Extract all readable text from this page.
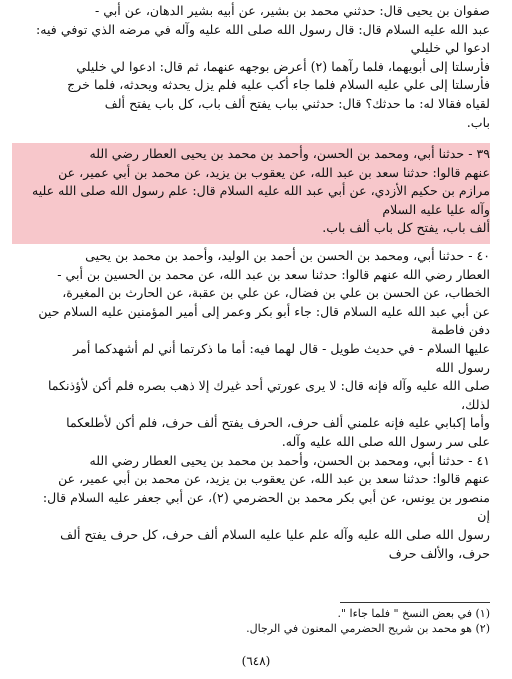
صفوان بن يحيى قال: حدثني محمد بن بشير، عن أبيه بشير الدهان، عن أبي -
عبد الله عليه السلام قال: قال رسول الله صلى الله عليه وآله في مرضه الذي توفي فيه:
ادعوا لي خليلي
فأرسلتا إلى أبويهما، فلما رآهما (٢) أعرض بوجهه عنهما، ثم قال: ادعوا لي خليلي
فأرسلتا إلى علي عليه السلام فلما جاء أكب عليه فلم يزل يحدثه ويحدثه، فلما خرج
لقياه فقالا له: ما حدثك؟ قال: حدثني بباب يفتح ألف باب، كل باب يفتح ألف
باب.
٣٩ - حدثنا أبي، ومحمد بن الحسن، وأحمد بن محمد بن يحيى العطار رضي الله
عنهم قالوا: حدثنا سعد بن عبد الله، عن يعقوب بن يزيد، عن محمد بن أبي عمير، عن
مرازم بن حكيم الأزدي، عن أبي عبد الله عليه السلام قال: علم رسول الله صلى الله عليه
وآله عليا عليه السلام
ألف باب، يفتح كل باب ألف باب.
٤٠ - حدثنا أبي، ومحمد بن الحسن بن أحمد بن الوليد، وأحمد بن محمد بن يحيى
العطار رضي الله عنهم قالوا: حدثنا سعد بن عبد الله، عن محمد بن الحسين بن أبي -
الخطاب، عن الحسن بن علي بن فضال، عن علي بن عقبة، عن الحارث بن المغيرة،
عن أبي عبد الله عليه السلام قال: جاء أبو بكر وعمر إلى أمير المؤمنين عليه السلام حين
دفن فاطمة
عليها السلام - في حديث طويل - قال لهما فيه: أما ما ذكرتما أني لم أشهدكما أمر
رسول الله
صلى الله عليه وآله فإنه قال: لا يرى عورتي أحد غيرك إلا ذهب بصره فلم أكن لأؤذنكما
لذلك،
وأما إكبابي عليه فإنه علمني ألف حرف، الحرف يفتح ألف حرف، فلم أكن لأطلعكما
على سر رسول الله صلى الله عليه وآله.
٤١ - حدثنا أبي، ومحمد بن الحسن، وأحمد بن محمد بن يحيى العطار رضي الله
عنهم قالوا: حدثنا سعد بن عبد الله، عن يعقوب بن يزيد، عن محمد بن أبي عمير، عن
منصور بن يونس، عن أبي بكر محمد بن الحضرمي (٢)، عن أبي جعفر عليه السلام قال:
إن
رسول الله صلى الله عليه وآله علم عليا عليه السلام ألف حرف، كل حرف يفتح ألف
حرف، والألف حرف
(١) في بعض النسخ " فلما جاءا ".
(٢) هو محمد بن شريح الحضرمي المعنون في الرجال.
(٦٤٨)
